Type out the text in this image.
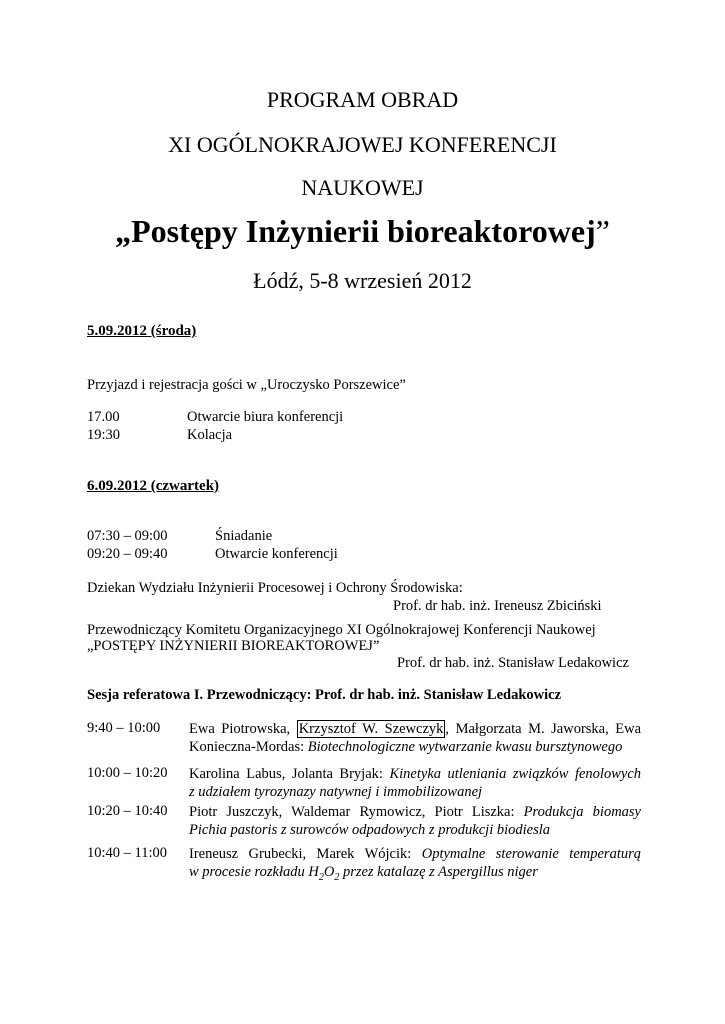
PROGRAM OBRAD
XI OGÓLNOKRAJOWEJ KONFERENCJI
NAUKOWEJ
„Postępy Inżynierii bioreaktorowej”
Łódź, 5-8 wrzesień 2012
5.09.2012 (środa)
Przyjazd i rejestracja gości w „Uroczysko Porszewice”
17.00	Otwarcie biura konferencji
19:30	Kolacja
6.09.2012 (czwartek)
07:30 – 09:00	Śniadanie
09:20 – 09:40	Otwarcie konferencji
Dziekan Wydziału Inżynierii Procesowej i Ochrony Środowiska:
Prof. dr hab. inż. Ireneusz Zbiciński
Przewodniczący Komitetu Organizacyjnego XI Ogólnokrajowej Konferencji Naukowej
„POSTĘPY INŻYNIERII BIOREAKTOROWEJ”
Prof. dr hab. inż. Stanisław Ledakowicz
Sesja referatowa I. Przewodniczący: Prof. dr hab. inż. Stanisław Ledakowicz
9:40 – 10:00 Ewa Piotrowska, Krzysztof W. Szewczyk , Małgorzata M. Jaworska, Ewa
Konieczna-Mordas: Biotechnologiczne wytwarzanie kwasu bursztynowego
10:00 – 10:20 Karolina Labus, Jolanta Bryjak: Kinetyka utleniania związków fenolowych
z udziałem tyrozynazy natywnej i immobilizowanej
10:20 – 10:40 Piotr Juszczyk, Waldemar Rymowicz, Piotr Liszka: Produkcja biomasy
Pichia pastoris z surowców odpadowych z produkcji biodiesla
10:40 – 11:00 Ireneusz Grubecki, Marek Wójcik: Optymalne sterowanie temperaturą
w procesie rozkładu $H_2O_2$ przez katalazę z Aspergillus niger
